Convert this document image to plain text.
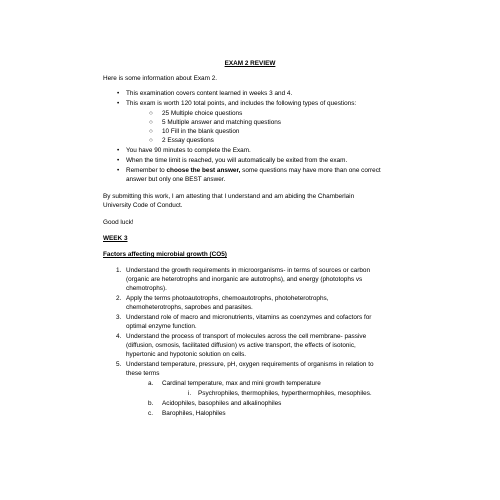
EXAM 2 REVIEW
Here is some information about Exam 2.
• This examination covers content learned in weeks 3 and 4.
• This exam is worth 120 total points, and includes the following types of questions:
○ 25 Multiple choice questions
○ 5 Multiple answer and matching questions
○ 10 Fill in the blank question
○ 2 Essay questions
• You have 90 minutes to complete the Exam.
• When the time limit is reached, you will automatically be exited from the exam.
• Remember to choose the best answer, some questions may have more than one correct
answer but only one BEST answer.
By submitting this work, I am attesting that I understand and am abiding the Chamberlain
University Code of Conduct.
Good luck!
WEEK 3
Factors affecting microbial growth (CO5)
1. Understand the growth requirements in microorganisms- in terms of sources or carbon
(organic are heterotrophs and inorganic are autotrophs), and energy (phototophs vs
chemotrophs).
2. Apply the terms photoautotrophs, chemoautotrophs, photoheterotrophs,
chemoheterotrophs, saprobes and parasites.
3. Understand role of macro and micronutrients, vitamins as coenzymes and cofactors for
optimal enzyme function.
4. Understand the process of transport of molecules across the cell membrane- passive
(diffusion, osmosis, facilitated diffusion) vs active transport, the effects of isotonic,
hypertonic and hypotonic solution on cells.
5. Understand temperature, pressure, pH, oxygen requirements of organisms in relation to
these terms
a. Cardinal temperature, max and mini growth temperature
i. Psychrophiles, thermophiles, hyperthermophiles, mesophiles.
b. Acidophiles, basophiles and alkalinophiles
c. Barophiles, Halophiles
